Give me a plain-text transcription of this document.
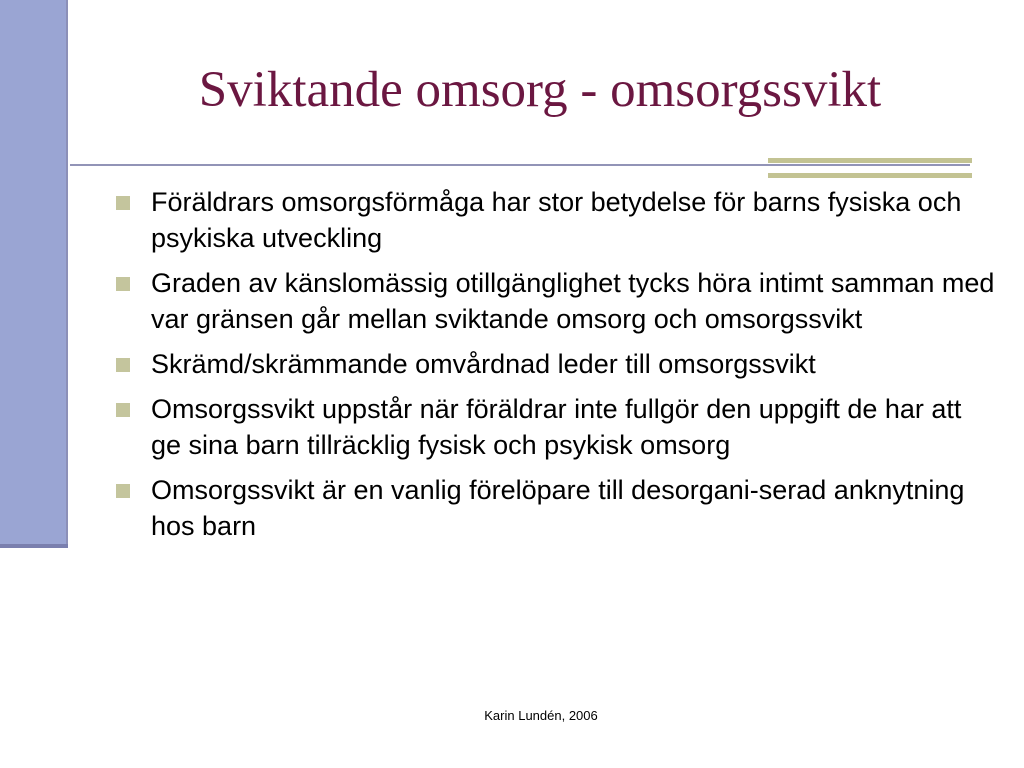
Sviktande omsorg - omsorgssvikt
Föräldrars omsorgsförmåga har stor betydelse för barns fysiska och psykiska utveckling
Graden av känslomässig otillgänglighet tycks höra intimt samman med var gränsen går mellan sviktande omsorg och omsorgssvikt
Skrämd/skrämmande omvårdnad leder till omsorgssvikt
Omsorgssvikt uppstår när föräldrar inte fullgör den uppgift de har att ge sina barn tillräcklig fysisk och psykisk omsorg
Omsorgssvikt är en vanlig förelöpare till desorgani-serad anknytning hos barn
Karin Lundén, 2006
